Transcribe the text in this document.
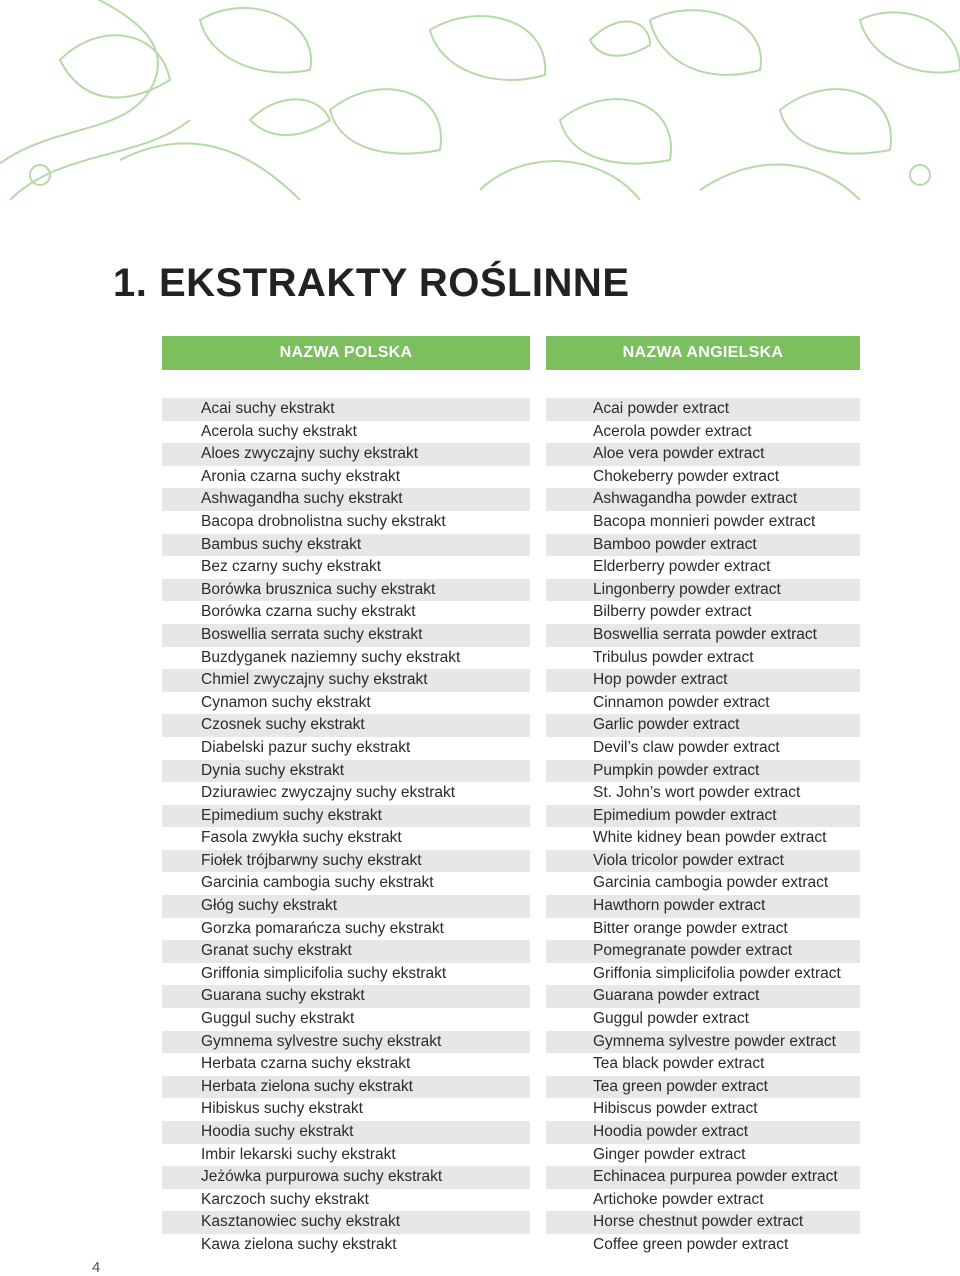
1. EKSTRAKTY ROŚLINNE
NAZWA POLSKA	NAZWA ANGIELSKA
Acai suchy ekstrakt
Acerola suchy ekstrakt
Aloes zwyczajny suchy ekstrakt
Aronia czarna suchy ekstrakt
Ashwagandha suchy ekstrakt
Bacopa drobnolistna suchy ekstrakt
Bambus suchy ekstrakt
Bez czarny suchy ekstrakt
Borówka brusznica suchy ekstrakt
Borówka czarna suchy ekstrakt
Boswellia serrata suchy ekstrakt
Buzdyganek naziemny suchy ekstrakt
Chmiel zwyczajny suchy ekstrakt
Cynamon suchy ekstrakt
Czosnek suchy ekstrakt
Diabelski pazur suchy ekstrakt
Dynia suchy ekstrakt
Dziurawiec zwyczajny suchy ekstrakt
Epimedium suchy ekstrakt
Fasola zwykła suchy ekstrakt
Fiołek trójbarwny suchy ekstrakt
Garcinia cambogia suchy ekstrakt
Głóg suchy ekstrakt
Gorzka pomarańcza suchy ekstrakt
Granat suchy ekstrakt
Griffonia simplicifolia suchy ekstrakt
Guarana suchy ekstrakt
Guggul suchy ekstrakt
Gymnema sylvestre suchy ekstrakt
Herbata czarna suchy ekstrakt
Herbata zielona suchy ekstrakt
Hibiskus suchy ekstrakt
Hoodia suchy ekstrakt
Imbir lekarski suchy ekstrakt
Jeżówka purpurowa suchy ekstrakt
Karczoch suchy ekstrakt
Kasztanowiec suchy ekstrakt
Kawa zielona suchy ekstrakt
Acai powder extract
Acerola powder extract
Aloe vera powder extract
Chokeberry powder extract
Ashwagandha powder extract
Bacopa monnieri powder extract
Bamboo powder extract
Elderberry powder extract
Lingonberry powder extract
Bilberry powder extract
Boswellia serrata powder extract
Tribulus powder extract
Hop powder extract
Cinnamon powder extract
Garlic powder extract
Devil’s claw powder extract
Pumpkin powder extract
St. John’s wort powder extract
Epimedium powder extract
White kidney bean powder extract
Viola tricolor powder extract
Garcinia cambogia powder extract
Hawthorn powder extract
Bitter orange powder extract
Pomegranate powder extract
Griffonia simplicifolia powder extract
Guarana powder extract
Guggul powder extract
Gymnema sylvestre powder extract
Tea black powder extract
Tea green powder extract
Hibiscus powder extract
Hoodia powder extract
Ginger powder extract
Echinacea purpurea powder extract
Artichoke powder extract
Horse chestnut powder extract
Coffee green powder extract
4
